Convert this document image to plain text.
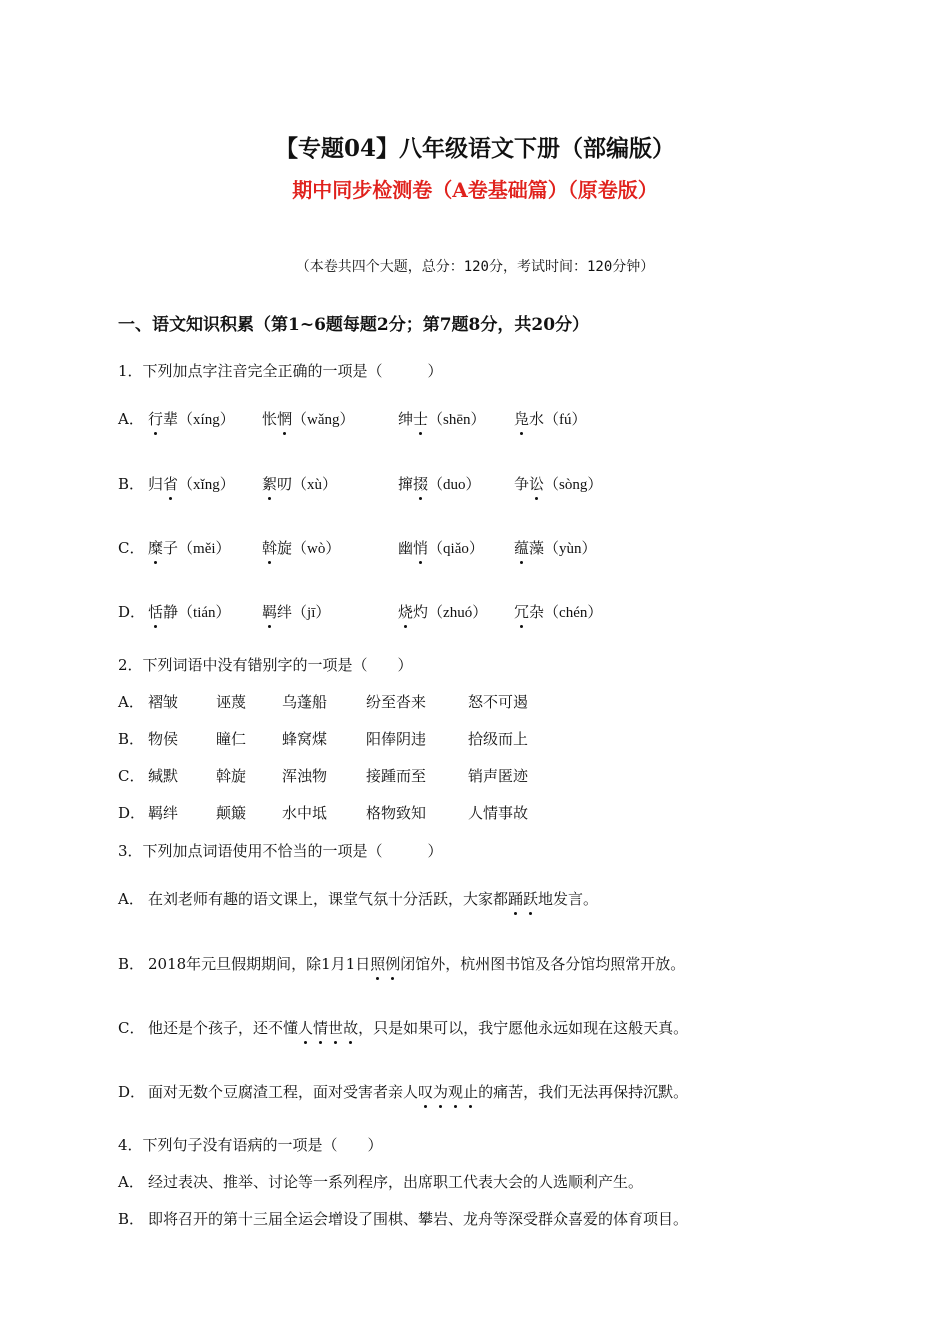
【专题04】八年级语文下册（部编版）
期中同步检测卷（A卷基础篇）（原卷版）
（本卷共四个大题，总分：120分，考试时间：120分钟）
一、语文知识积累（第1~6题每题2分；第7题8分，共20分）
1．下列加点字注音完全正确的一项是（　　　）
A． 行辈（xíng） 怅惘（wǎng）	绅士（shēn） 凫水（fú）
B． 归省（xǐng） 絮叨（xù）	撺掇（duo） 争讼（sòng）
C． 糜子（měi） 斡旋（wò）	幽悄（qiǎo） 蕴藻（yùn）
D． 恬静（tián） 羁绊（jī）	烧灼（zhuó） 冗杂（chén）
2．下列词语中没有错别字的一项是（　　）
A． 褶皱	诬蔑 乌蓬船	纷至沓来	怒不可遏
B． 物侯	瞳仁 蜂窝煤	阳俸阴违	拾级而上
C． 缄默	斡旋 浑浊物	接踵而至	销声匿迹
D． 羁绊	颠簸 水中坻	格物致知	人情事故
3．下列加点词语使用不恰当的一项是（　　　）
A． 在刘老师有趣的语文课上，课堂气氛十分活跃，大家都踊跃地发言。
B． 2018年元旦假期期间，除1月1日照例闭馆外，杭州图书馆及各分馆均照常开放。
C． 他还是个孩子，还不懂人情世故，只是如果可以，我宁愿他永远如现在这般天真。
D． 面对无数个豆腐渣工程，面对受害者亲人叹为观止的痛苦，我们无法再保持沉默。
4．下列句子没有语病的一项是（　　）
A． 经过表决、推举、讨论等一系列程序，出席职工代表大会的人选顺利产生。
B． 即将召开的第十三届全运会增设了围棋、攀岩、龙舟等深受群众喜爱的体育项目。
